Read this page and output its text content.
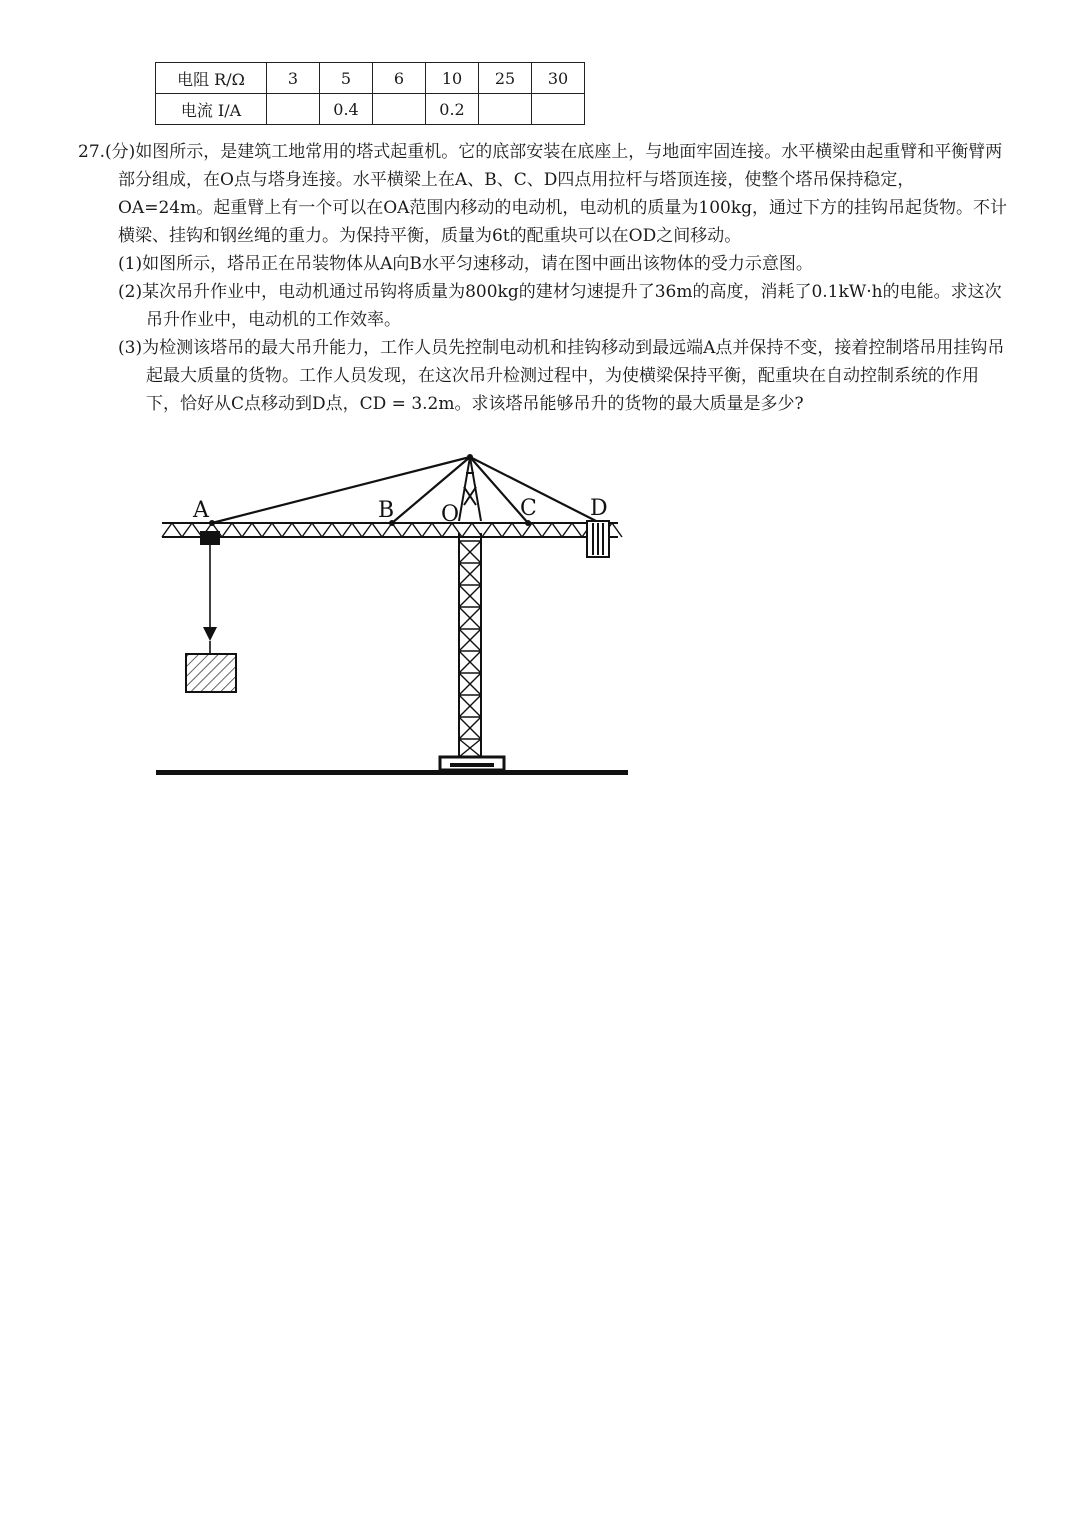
电阻 R/Ω	3	5	6	10	25	30
电流 I/A		0.4		0.2		

27.(分)如图所示，是建筑工地常用的塔式起重机。它的底部安装在底座上，与地面牢固连接。水平横梁由起重臂和平衡臂两部分组成，在O点与塔身连接。水平横梁上在A、B、C、D四点用拉杆与塔顶连接，使整个塔吊保持稳定，OA=24m。起重臂上有一个可以在OA范围内移动的电动机，电动机的质量为100kg，通过下方的挂钩吊起货物。不计横梁、挂钩和钢丝绳的重力。为保持平衡，质量为6t的配重块可以在OD之间移动。

(1)如图所示，塔吊正在吊装物体从A向B水平匀速移动，请在图中画出该物体的受力示意图。

(2)某次吊升作业中，电动机通过吊钩将质量为800kg的建材匀速提升了36m的高度，消耗了0.1kW·h的电能。求这次吊升作业中，电动机的工作效率。

(3)为检测该塔吊的最大吊升能力，工作人员先控制电动机和挂钩移动到最远端A点并保持不变，接着控制塔吊用挂钩吊起最大质量的货物。工作人员发现，在这次吊升检测过程中，为使横梁保持平衡，配重块在自动控制系统的作用下，恰好从C点移动到D点，CD = 3.2m。求该塔吊能够吊升的货物的最大质量是多少?

A	B O	C D
